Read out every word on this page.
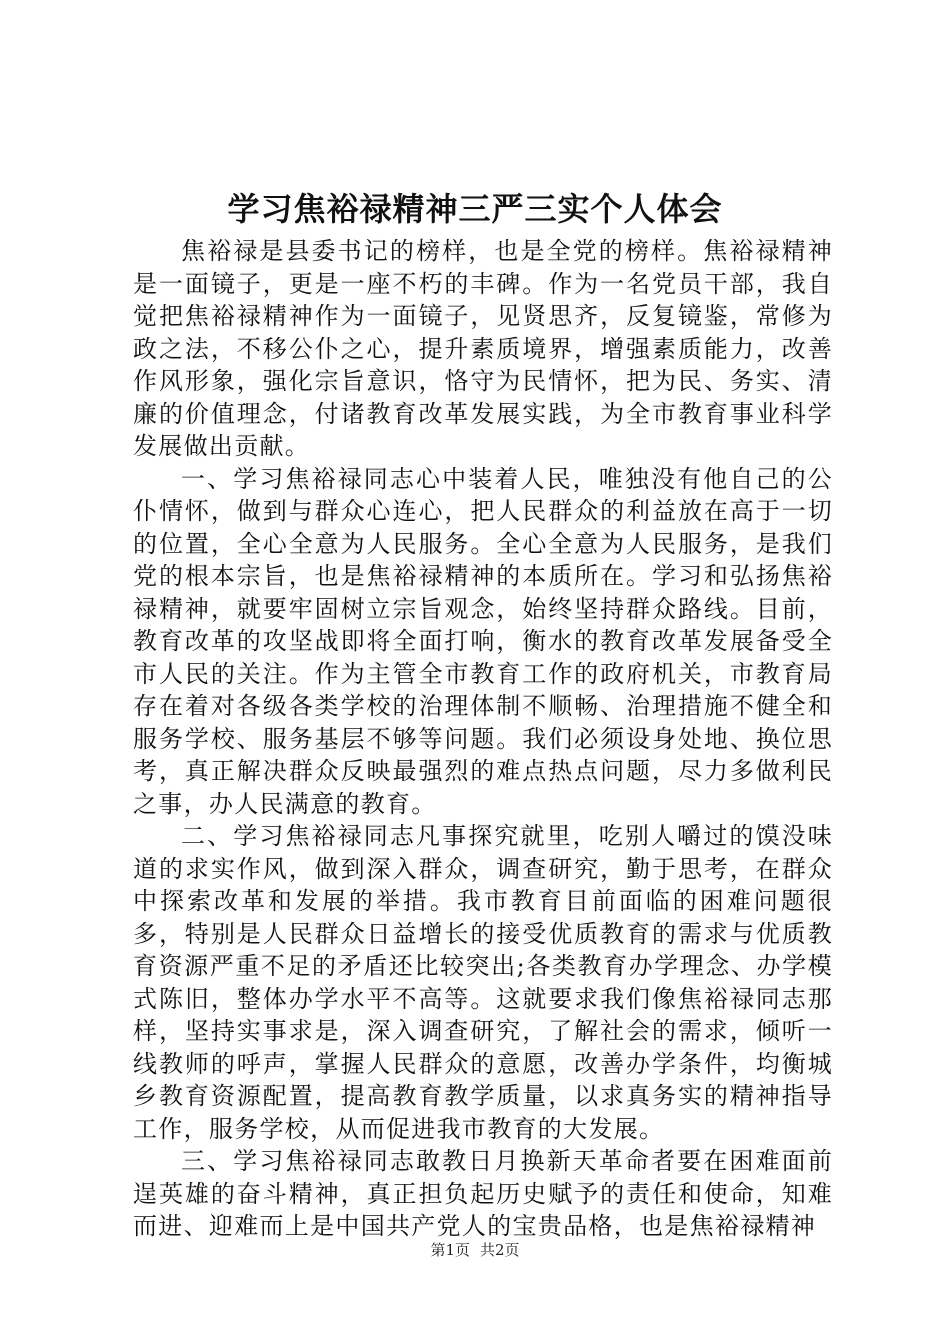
学习焦裕禄精神三严三实个人体会

焦裕禄是县委书记的榜样，也是全党的榜样。焦裕禄精神是一面镜子，更是一座不朽的丰碑。作为一名党员干部，我自觉把焦裕禄精神作为一面镜子，见贤思齐，反复镜鉴，常修为政之法，不移公仆之心，提升素质境界，增强素质能力，改善作风形象，强化宗旨意识，恪守为民情怀，把为民、务实、清廉的价值理念，付诸教育改革发展实践，为全市教育事业科学发展做出贡献。

一、学习焦裕禄同志心中装着人民，唯独没有他自己的公仆情怀，做到与群众心连心，把人民群众的利益放在高于一切的位置，全心全意为人民服务。全心全意为人民服务，是我们党的根本宗旨，也是焦裕禄精神的本质所在。学习和弘扬焦裕禄精神，就要牢固树立宗旨观念，始终坚持群众路线。目前，教育改革的攻坚战即将全面打响，衡水的教育改革发展备受全市人民的关注。作为主管全市教育工作的政府机关，市教育局存在着对各级各类学校的治理体制不顺畅、治理措施不健全和服务学校、服务基层不够等问题。我们必须设身处地、换位思考，真正解决群众反映最强烈的难点热点问题，尽力多做利民之事，办人民满意的教育。

二、学习焦裕禄同志凡事探究就里，吃别人嚼过的馍没味道的求实作风，做到深入群众，调查研究，勤于思考，在群众中探索改革和发展的举措。我市教育目前面临的困难问题很多，特别是人民群众日益增长的接受优质教育的需求与优质教育资源严重不足的矛盾还比较突出;各类教育办学理念、办学模式陈旧，整体办学水平不高等。这就要求我们像焦裕禄同志那样，坚持实事求是，深入调查研究，了解社会的需求，倾听一线教师的呼声，掌握人民群众的意愿，改善办学条件，均衡城乡教育资源配置，提高教育教学质量，以求真务实的精神指导工作，服务学校，从而促进我市教育的大发展。

三、学习焦裕禄同志敢教日月换新天革命者要在困难面前逞英雄的奋斗精神，真正担负起历史赋予的责任和使命，知难而进、迎难而上是中国共产党人的宝贵品格，也是焦裕禄精神

第1页 共2页
